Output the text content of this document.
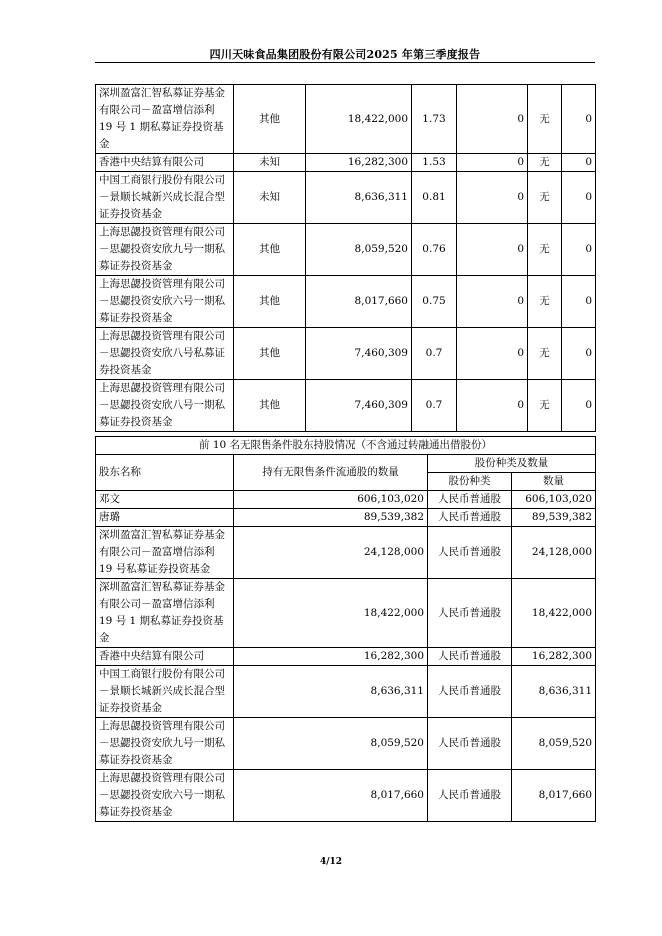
四川天味食品集团股份有限公司2025 年第三季度报告
深圳盈富汇智私募证券基金有限公司－盈富增信添利 19 号 1 期私募证券投资基金	其他	18,422,000	1.73	0	无	0
香港中央结算有限公司	未知	16,282,300	1.53	0	无	0
中国工商银行股份有限公司－景顺长城新兴成长混合型证券投资基金	未知	8,636,311	0.81	0	无	0
上海思勰投资管理有限公司－思勰投资安欣九号一期私募证券投资基金	其他	8,059,520	0.76	0	无	0
上海思勰投资管理有限公司－思勰投资安欣六号一期私募证券投资基金	其他	8,017,660	0.75	0	无	0
上海思勰投资管理有限公司－思勰投资安欣八号私募证券投资基金	其他	7,460,309	0.7	0	无	0
上海思勰投资管理有限公司－思勰投资安欣八号一期私募证券投资基金	其他	7,460,309	0.7	0	无	0
前 10 名无限售条件股东持股情况（不含通过转融通出借股份）			
股东名称	持有无限售条件流通股的数量	股份种类及数量	
		股份种类	数量
邓文	606,103,020	人民币普通股	606,103,020
唐璐	89,539,382	人民币普通股	89,539,382
深圳盈富汇智私募证券基金有限公司－盈富增信添利 19 号私募证券投资基金	24,128,000	人民币普通股	24,128,000
深圳盈富汇智私募证券基金有限公司－盈富增信添利 19 号 1 期私募证券投资基金	18,422,000	人民币普通股	18,422,000
香港中央结算有限公司	16,282,300	人民币普通股	16,282,300
中国工商银行股份有限公司－景顺长城新兴成长混合型证券投资基金	8,636,311	人民币普通股	8,636,311
上海思勰投资管理有限公司－思勰投资安欣九号一期私募证券投资基金	8,059,520	人民币普通股	8,059,520
上海思勰投资管理有限公司－思勰投资安欣六号一期私募证券投资基金	8,017,660	人民币普通股	8,017,660
4/12
